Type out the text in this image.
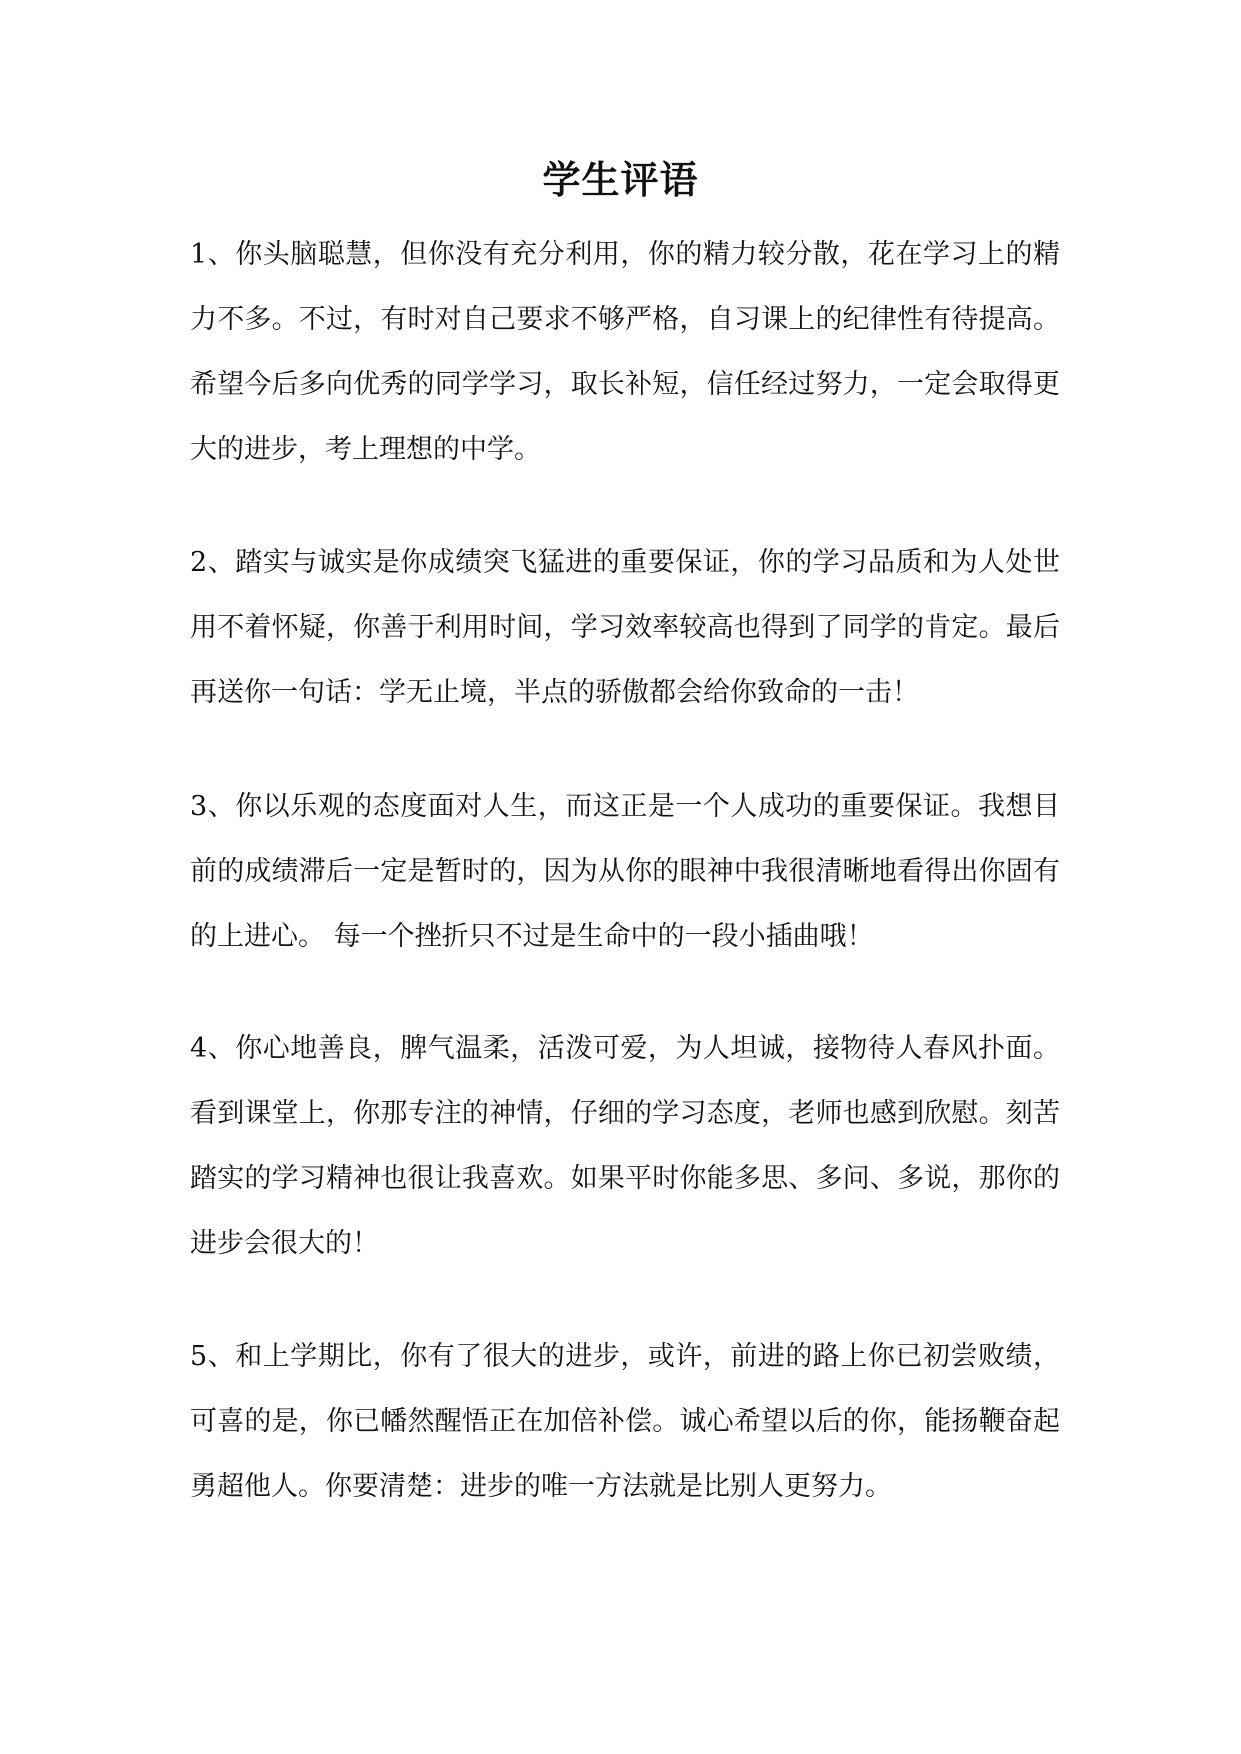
学生评语

1、你头脑聪慧，但你没有充分利用，你的精力较分散，花在学习上的精力不多。不过，有时对自己要求不够严格，自习课上的纪律性有待提高。希望今后多向优秀的同学学习，取长补短，信任经过努力，一定会取得更大的进步，考上理想的中学。

2、踏实与诚实是你成绩突飞猛进的重要保证，你的学习品质和为人处世用不着怀疑，你善于利用时间，学习效率较高也得到了同学的肯定。最后再送你一句话：学无止境，半点的骄傲都会给你致命的一击！

3、你以乐观的态度面对人生，而这正是一个人成功的重要保证。我想目前的成绩滞后一定是暂时的，因为从你的眼神中我很清晰地看得出你固有的上进心。 每一个挫折只不过是生命中的一段小插曲哦！

4、你心地善良，脾气温柔，活泼可爱，为人坦诚，接物待人春风扑面。看到课堂上，你那专注的神情，仔细的学习态度，老师也感到欣慰。刻苦踏实的学习精神也很让我喜欢。如果平时你能多思、多问、多说，那你的进步会很大的！

5、和上学期比，你有了很大的进步，或许，前进的路上你已初尝败绩，可喜的是，你已幡然醒悟正在加倍补偿。诚心希望以后的你，能扬鞭奋起勇超他人。你要清楚：进步的唯一方法就是比别人更努力。
